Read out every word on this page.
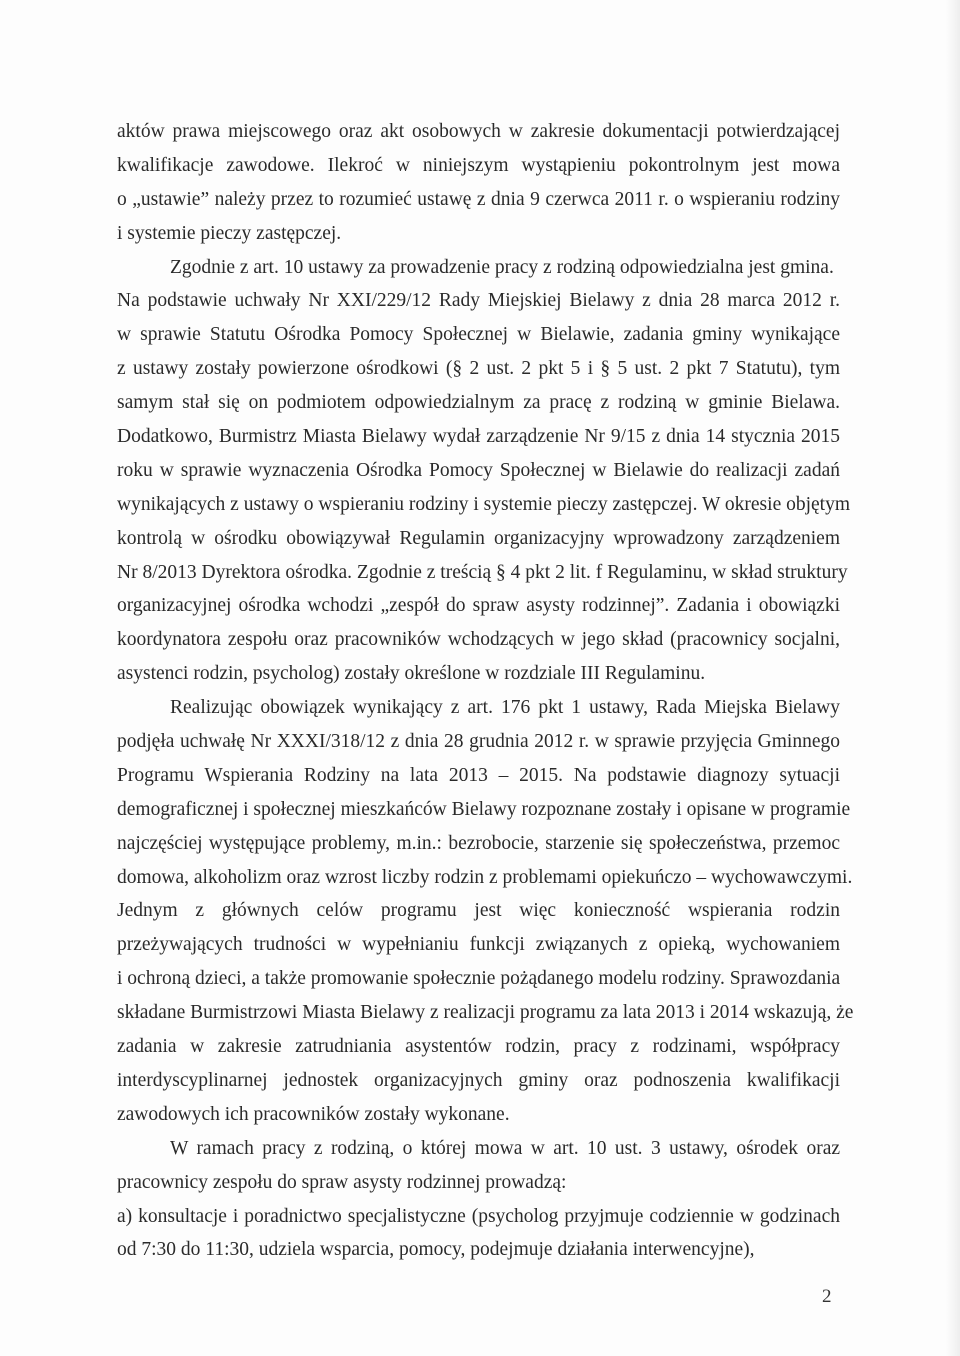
aktów prawa miejscowego oraz akt osobowych w zakresie dokumentacji potwierdzającej
kwalifikacje zawodowe. Ilekroć w niniejszym wystąpieniu pokontrolnym jest mowa
o „ustawie” należy przez to rozumieć ustawę z dnia 9 czerwca 2011 r. o wspieraniu rodziny
i systemie pieczy zastępczej.
Zgodnie z art. 10 ustawy za prowadzenie pracy z rodziną odpowiedzialna jest gmina.
Na podstawie uchwały Nr XXI/229/12 Rady Miejskiej Bielawy z dnia 28 marca 2012 r.
w sprawie Statutu Ośrodka Pomocy Społecznej w Bielawie, zadania gminy wynikające
z ustawy zostały powierzone ośrodkowi (§ 2 ust. 2 pkt 5 i § 5 ust. 2 pkt 7 Statutu), tym
samym stał się on podmiotem odpowiedzialnym za pracę z rodziną w gminie Bielawa.
Dodatkowo, Burmistrz Miasta Bielawy wydał zarządzenie Nr 9/15 z dnia 14 stycznia 2015
roku w sprawie wyznaczenia Ośrodka Pomocy Społecznej w Bielawie do realizacji zadań
wynikających z ustawy o wspieraniu rodziny i systemie pieczy zastępczej. W okresie objętym
kontrolą w ośrodku obowiązywał Regulamin organizacyjny wprowadzony zarządzeniem
Nr 8/2013 Dyrektora ośrodka. Zgodnie z treścią § 4 pkt 2 lit. f Regulaminu, w skład struktury
organizacyjnej ośrodka wchodzi „zespół do spraw asysty rodzinnej”. Zadania i obowiązki
koordynatora zespołu oraz pracowników wchodzących w jego skład (pracownicy socjalni,
asystenci rodzin, psycholog) zostały określone w rozdziale III Regulaminu.
Realizując obowiązek wynikający z art. 176 pkt 1 ustawy, Rada Miejska Bielawy
podjęła uchwałę Nr XXXI/318/12 z dnia 28 grudnia 2012 r. w sprawie przyjęcia Gminnego
Programu Wspierania Rodziny na lata 2013 – 2015. Na podstawie diagnozy sytuacji
demograficznej i społecznej mieszkańców Bielawy rozpoznane zostały i opisane w programie
najczęściej występujące problemy, m.in.: bezrobocie, starzenie się społeczeństwa, przemoc
domowa, alkoholizm oraz wzrost liczby rodzin z problemami opiekuńczo – wychowawczymi.
Jednym z głównych celów programu jest więc konieczność wspierania rodzin
przeżywających trudności w wypełnianiu funkcji związanych z opieką, wychowaniem
i ochroną dzieci, a także promowanie społecznie pożądanego modelu rodziny. Sprawozdania
składane Burmistrzowi Miasta Bielawy z realizacji programu za lata 2013 i 2014 wskazują, że
zadania w zakresie zatrudniania asystentów rodzin, pracy z rodzinami, współpracy
interdyscyplinarnej jednostek organizacyjnych gminy oraz podnoszenia kwalifikacji
zawodowych ich pracowników zostały wykonane.
W ramach pracy z rodziną, o której mowa w art. 10 ust. 3 ustawy, ośrodek oraz
pracownicy zespołu do spraw asysty rodzinnej prowadzą:
a) konsultacje i poradnictwo specjalistyczne (psycholog przyjmuje codziennie w godzinach
od 7:30 do 11:30, udziela wsparcia, pomocy, podejmuje działania interwencyjne),
2
